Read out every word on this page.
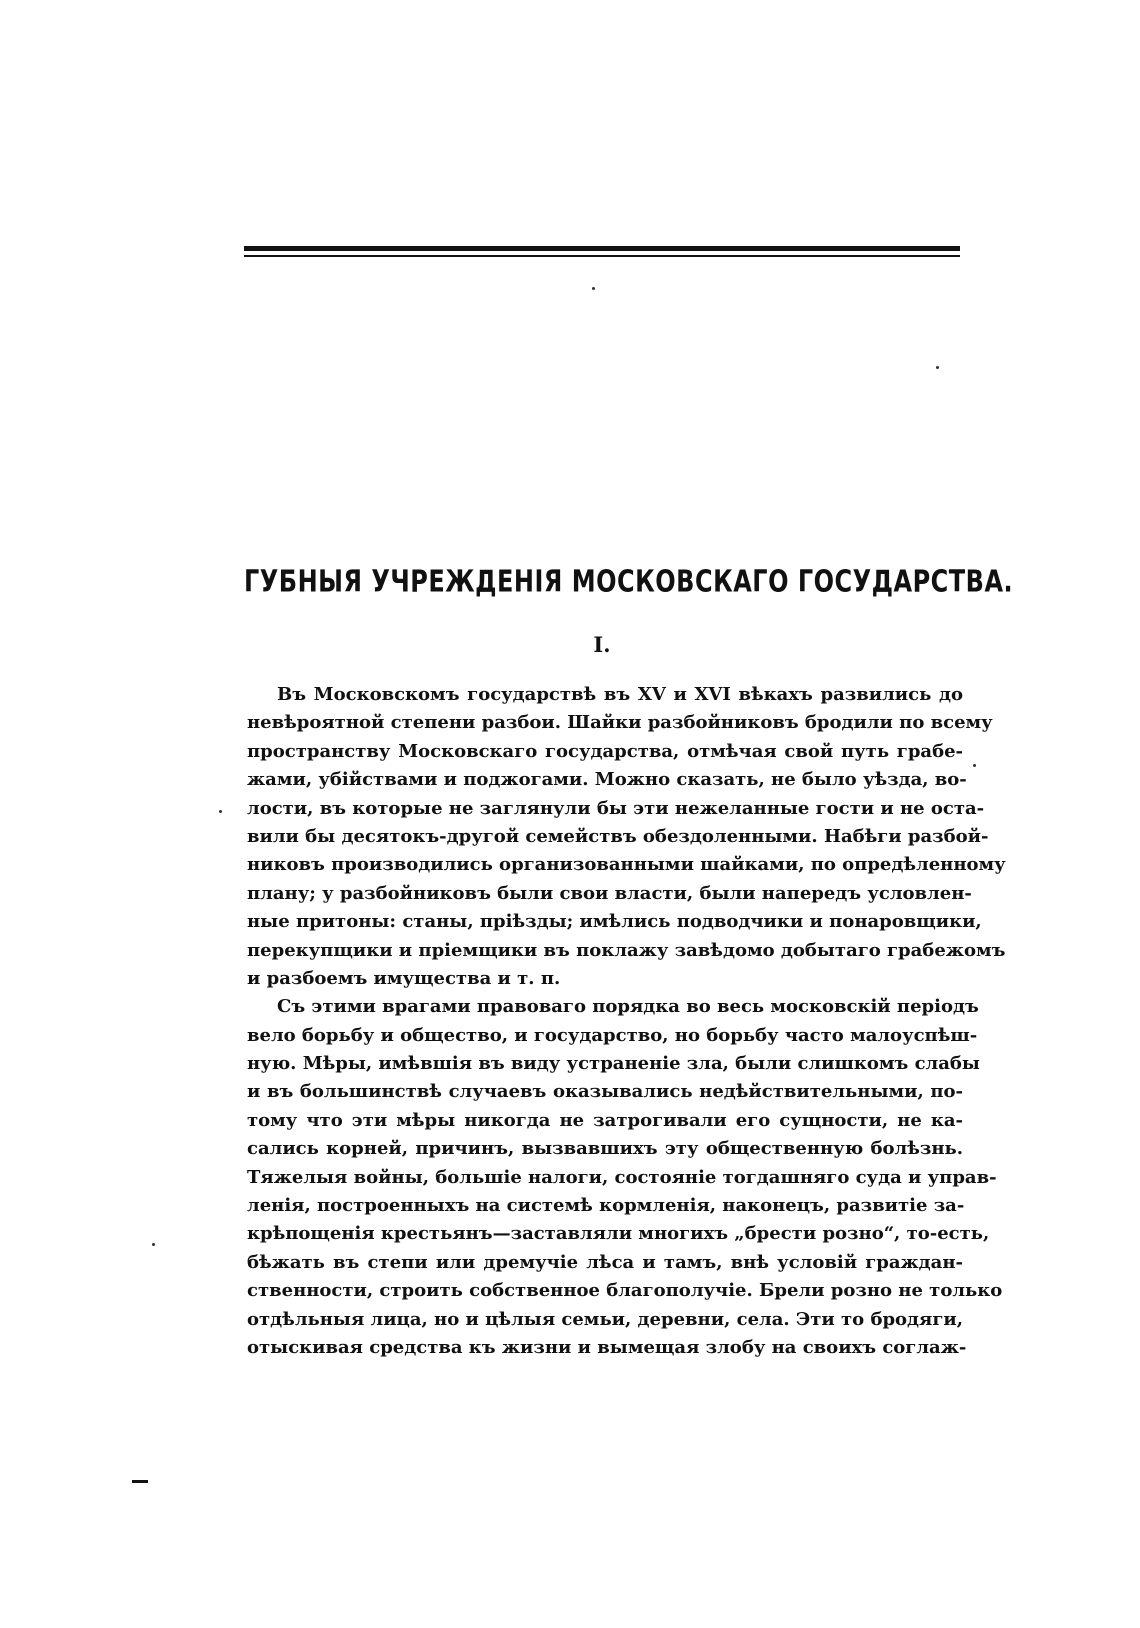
ГУБНЫЯ УЧРЕЖДЕНІЯ МОСКОВСКАГО ГОСУДАРСТВА.
I.
Въ Московскомъ государствѣ въ XV и XVI вѣкахъ развились до
невѣроятной степени разбои. Шайки разбойниковъ бродили по всему
пространству Московскаго государства, отмѣчая свой путь грабе-
жами, убійствами и поджогами. Можно сказать, не было уѣзда, во-
лости, въ которые не заглянули бы эти нежеланные гости и не оста-
вили бы десятокъ-другой семействъ обездоленными. Набѣги разбой-
никовъ производились организованными шайками, по опредѣленному
плану; у разбойниковъ были свои власти, были напередъ условлен-
ные притоны: станы, пріѣзды; имѣлись подводчики и понаровщики,
перекупщики и пріемщики въ поклажу завѣдомо добытаго грабежомъ
и разбоемъ имущества и т. п.
Съ этими врагами правоваго порядка во весь московскій періодъ
вело борьбу и общество, и государство, но борьбу часто малоуспѣш-
ную. Мѣры, имѣвшія въ виду устраненіе зла, были слишкомъ слабы
и въ большинствѣ случаевъ оказывались недѣйствительными, по-
тому что эти мѣры никогда не затрогивали его сущности, не ка-
сались корней, причинъ, вызвавшихъ эту общественную болѣзнь.
Тяжелыя войны, большіе налоги, состояніе тогдашняго суда и управ-
ленія, построенныхъ на системѣ кормленія, наконецъ, развитіе за-
крѣпощенія крестьянъ—заставляли многихъ „брести розно“, то-есть,
бѣжать въ степи или дремучіе лѣса и тамъ, внѣ условій граждан-
ственности, строить собственное благополучіе. Брели розно не только
отдѣльныя лица, но и цѣлыя семьи, деревни, села. Эти то бродяги,
отыскивая средства къ жизни и вымещая злобу на своихъ соглаж-
